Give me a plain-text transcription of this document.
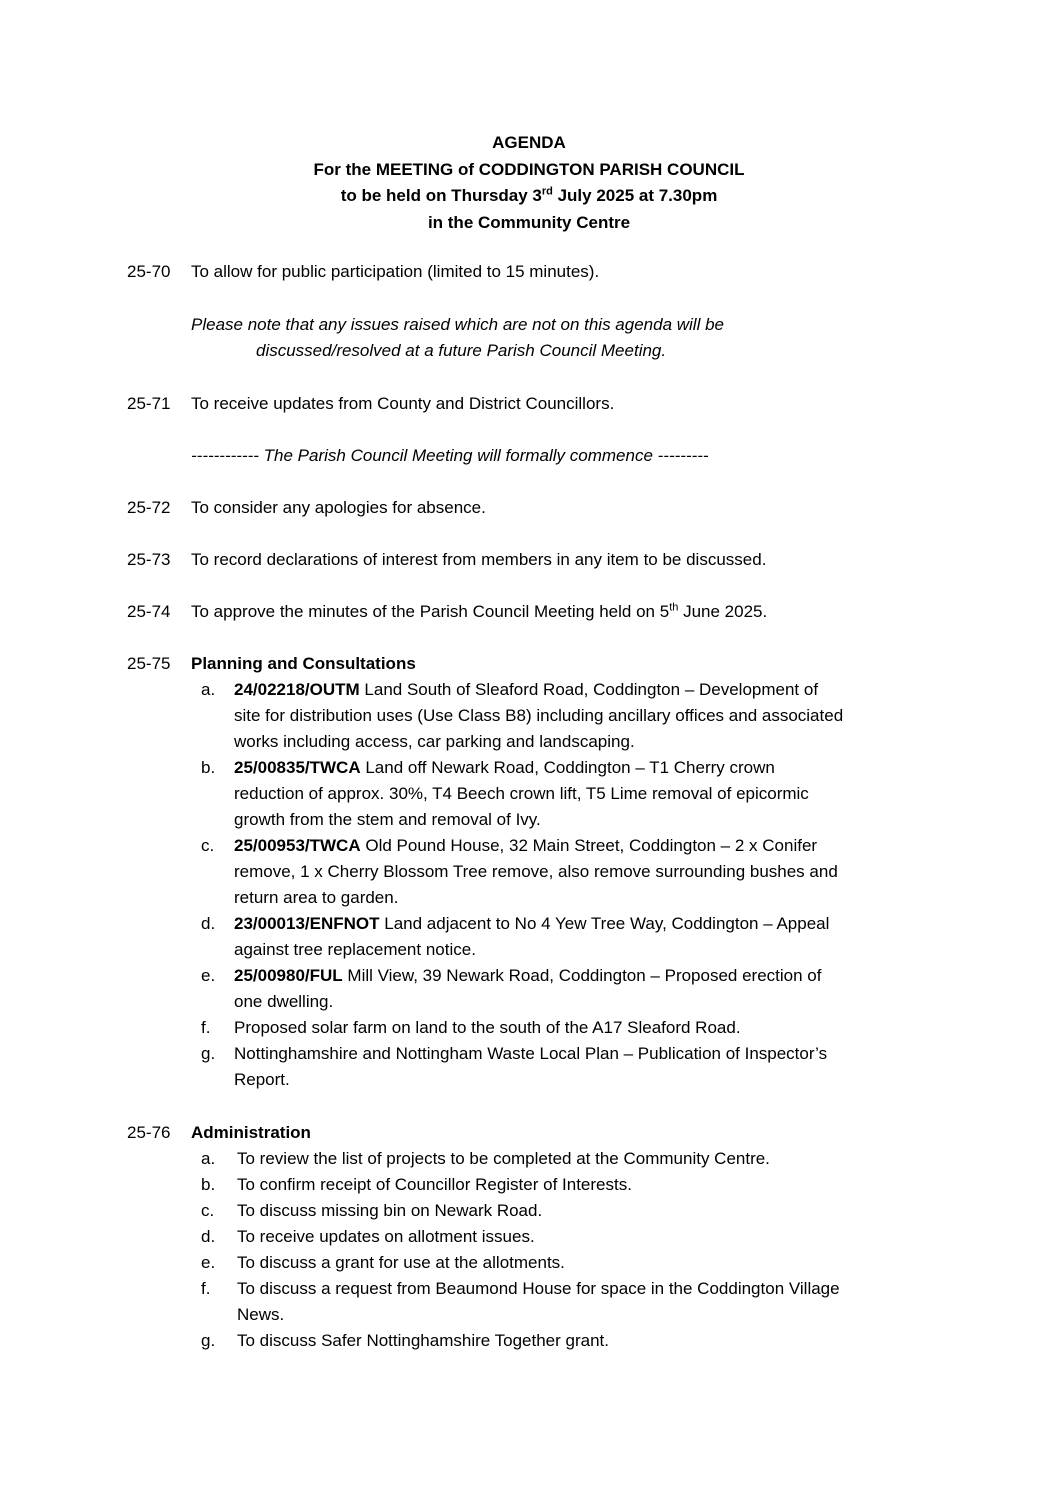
AGENDA
For the MEETING of CODDINGTON PARISH COUNCIL
to be held on Thursday 3rd July 2025 at 7.30pm
in the Community Centre
25-70	To allow for public participation (limited to 15 minutes).
Please note that any issues raised which are not on this agenda will be
discussed/resolved at a future Parish Council Meeting.
25-71	To receive updates from County and District Councillors.
------------ The Parish Council Meeting will formally commence ---------
25-72	To consider any apologies for absence.
25-73	To record declarations of interest from members in any item to be discussed.
25-74	To approve the minutes of the Parish Council Meeting held on 5th June 2025.
25-75	Planning and Consultations
a. 24/02218/OUTM Land South of Sleaford Road, Coddington – Development of
site for distribution uses (Use Class B8) including ancillary offices and associated
works including access, car parking and landscaping.
b. 25/00835/TWCA Land off Newark Road, Coddington – T1 Cherry crown
reduction of approx. 30%, T4 Beech crown lift, T5 Lime removal of epicormic
growth from the stem and removal of Ivy.
c. 25/00953/TWCA Old Pound House, 32 Main Street, Coddington – 2 x Conifer
remove, 1 x Cherry Blossom Tree remove, also remove surrounding bushes and
return area to garden.
d. 23/00013/ENFNOT Land adjacent to No 4 Yew Tree Way, Coddington – Appeal
against tree replacement notice.
e. 25/00980/FUL Mill View, 39 Newark Road, Coddington – Proposed erection of
one dwelling.
f. Proposed solar farm on land to the south of the A17 Sleaford Road.
g. Nottinghamshire and Nottingham Waste Local Plan – Publication of Inspector’s
Report.
25-76	Administration
a. To review the list of projects to be completed at the Community Centre.
b. To confirm receipt of Councillor Register of Interests.
c. To discuss missing bin on Newark Road.
d. To receive updates on allotment issues.
e. To discuss a grant for use at the allotments.
f. To discuss a request from Beaumond House for space in the Coddington Village
News.
g. To discuss Safer Nottinghamshire Together grant.
